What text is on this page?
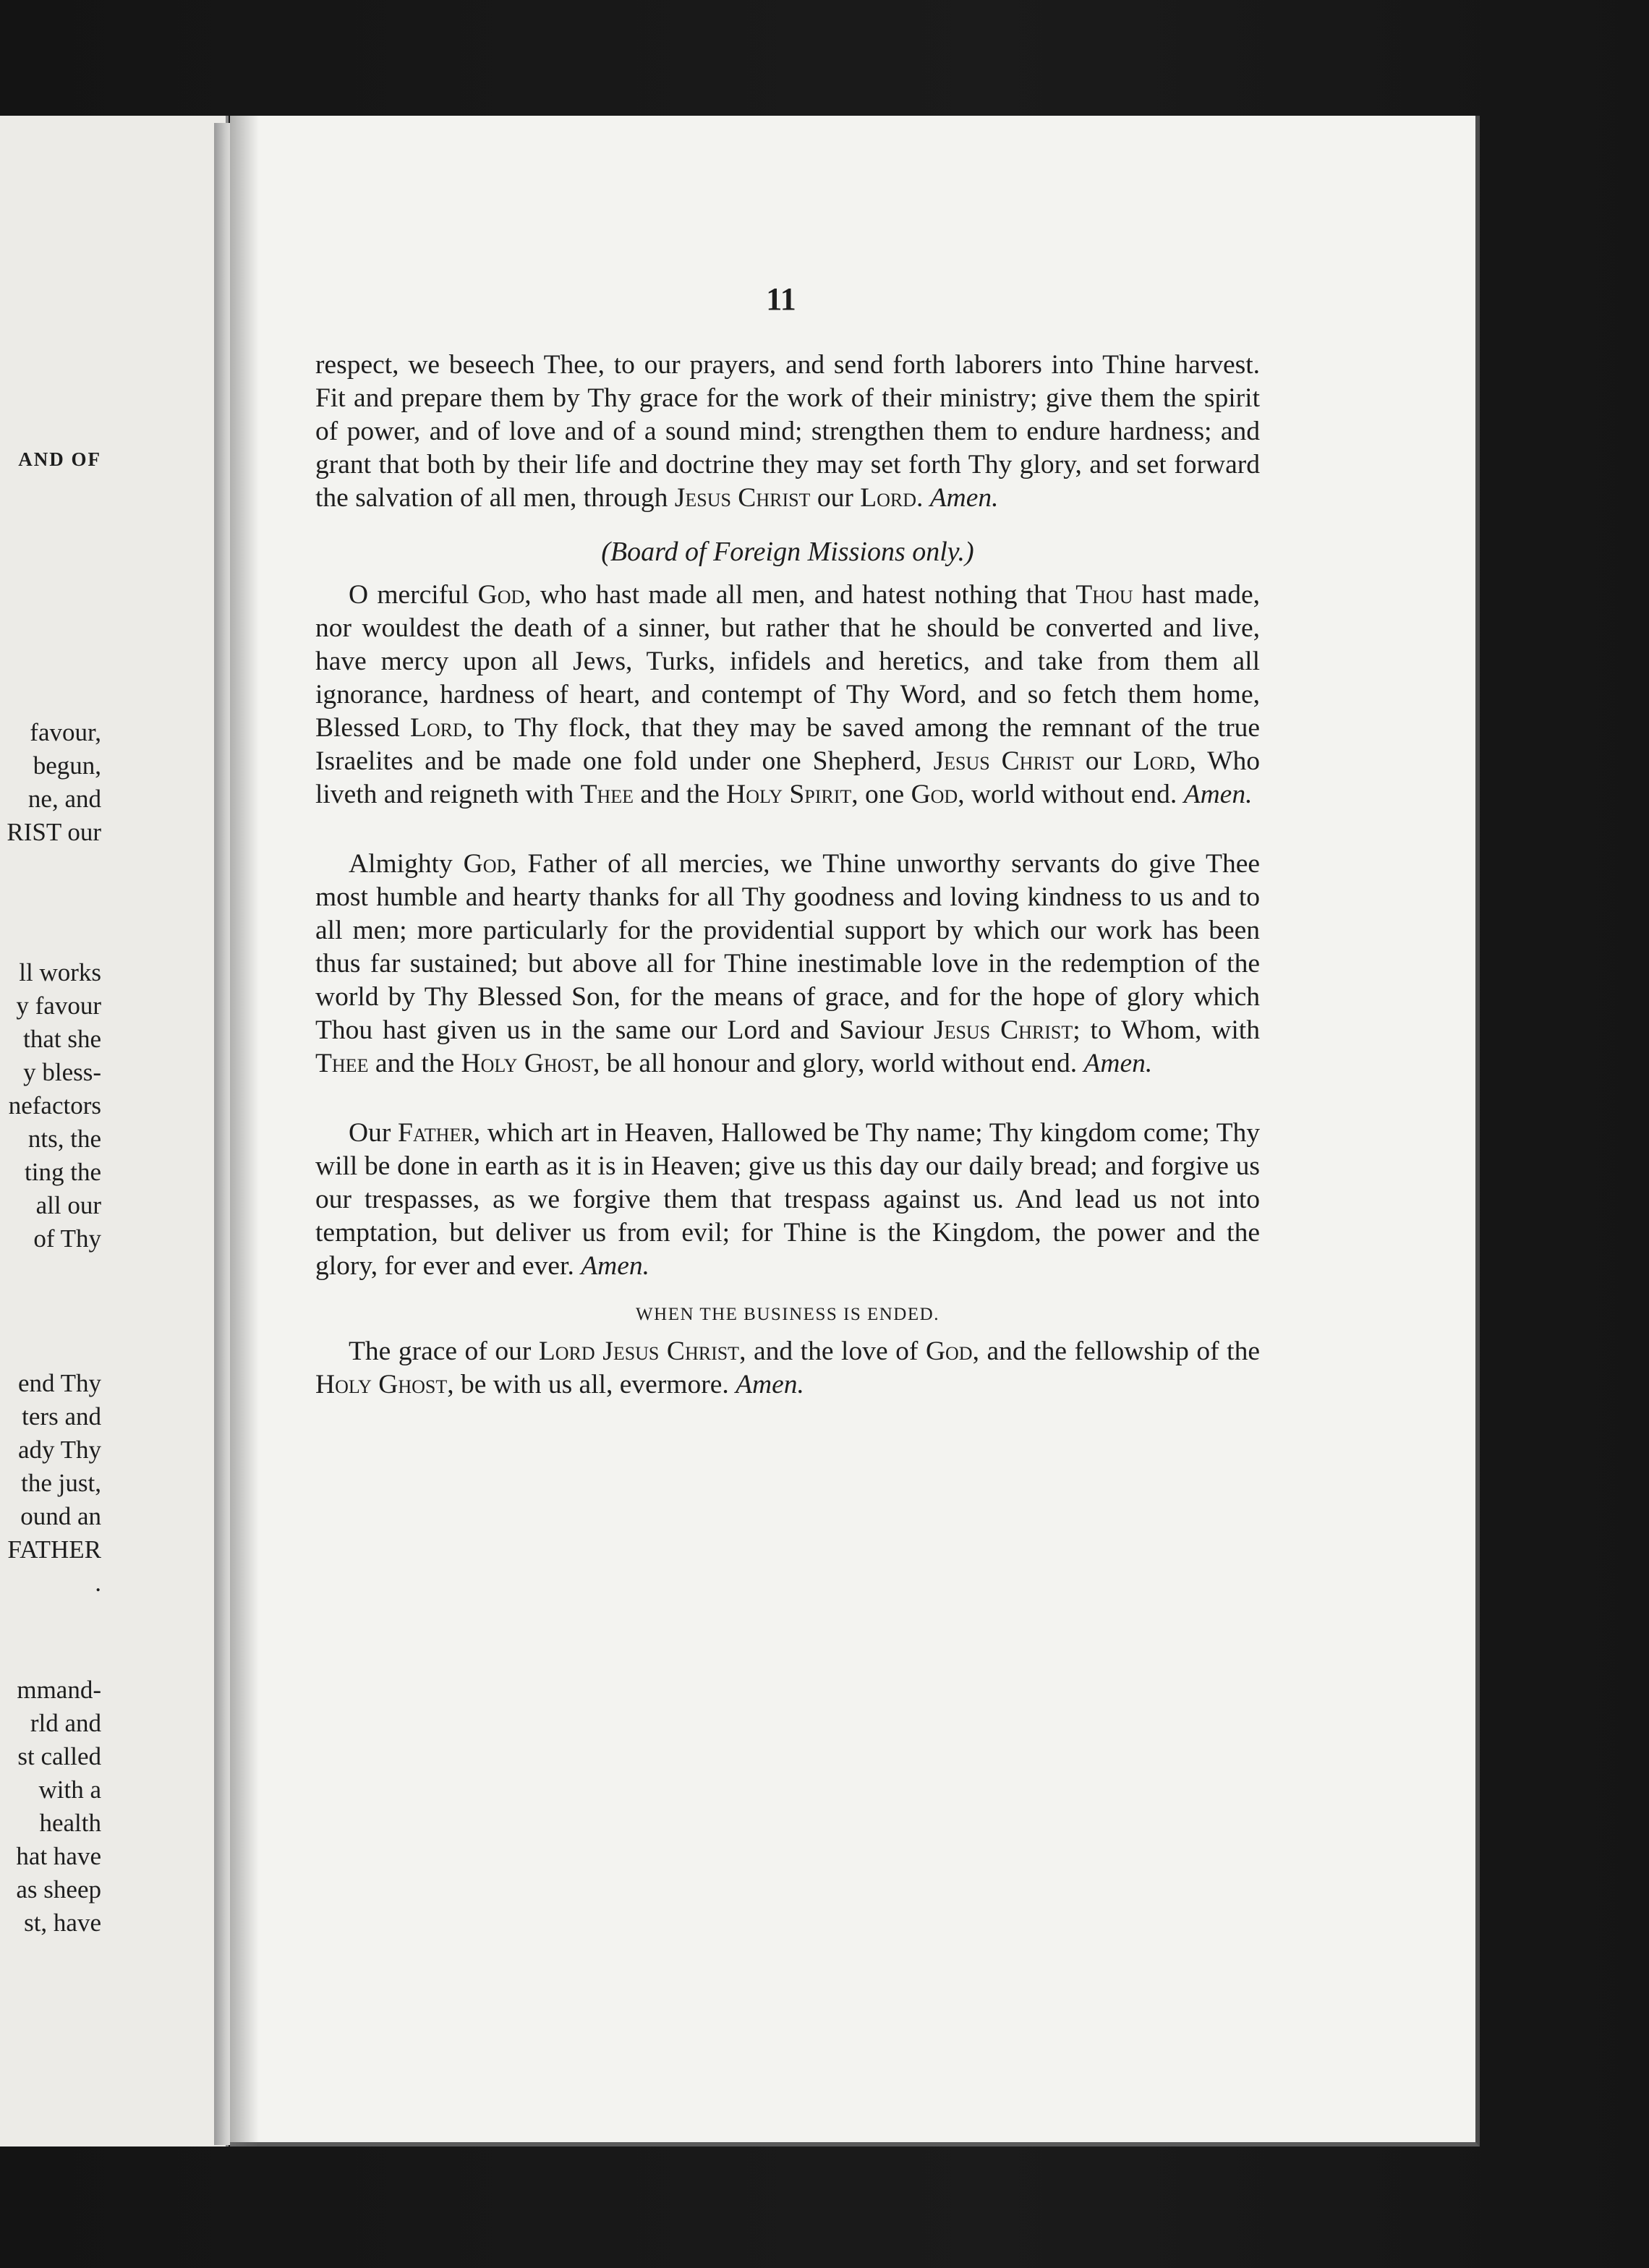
AND OF
favour,
begun,
ne, and
RIST our
ll works
y favour
that she
y bless-
nefactors
nts, the
ting the
all our
of Thy
end Thy
ters and
ady Thy
the just,
ound an
FATHER
.
mmand-
rld and
st called
with a
health
hat have
as sheep
st, have
11

respect, we beseech Thee, to our prayers, and send forth laborers into Thine harvest. Fit and prepare them by Thy grace for the work of their ministry; give them the spirit of power, and of love and of a sound mind; strengthen them to endure hardness; and grant that both by their life and doctrine they may set forth Thy glory, and set forward the salvation of all men, through Jesus Christ our Lord. Amen.

(Board of Foreign Missions only.)

O merciful God, who hast made all men, and hatest nothing that Thou hast made, nor wouldest the death of a sinner, but rather that he should be converted and live, have mercy upon all Jews, Turks, infidels and heretics, and take from them all ignorance, hardness of heart, and contempt of Thy Word, and so fetch them home, Blessed Lord, to Thy flock, that they may be saved among the remnant of the true Israelites and be made one fold under one Shepherd, Jesus Christ our Lord, Who liveth and reigneth with Thee and the Holy Spirit, one God, world without end. Amen.

Almighty God, Father of all mercies, we Thine unworthy servants do give Thee most humble and hearty thanks for all Thy goodness and loving kindness to us and to all men; more particularly for the providential support by which our work has been thus far sustained; but above all for Thine inestimable love in the redemption of the world by Thy Blessed Son, for the means of grace, and for the hope of glory which Thou hast given us in the same our Lord and Saviour Jesus Christ; to Whom, with Thee and the Holy Ghost, be all honour and glory, world without end. Amen.

Our Father, which art in Heaven, Hallowed be Thy name; Thy kingdom come; Thy will be done in earth as it is in Heaven; give us this day our daily bread; and forgive us our trespasses, as we forgive them that trespass against us. And lead us not into temptation, but deliver us from evil; for Thine is the Kingdom, the power and the glory, for ever and ever. Amen.

WHEN THE BUSINESS IS ENDED.

The grace of our Lord Jesus Christ, and the love of God, and the fellowship of the Holy Ghost, be with us all, evermore. Amen.
